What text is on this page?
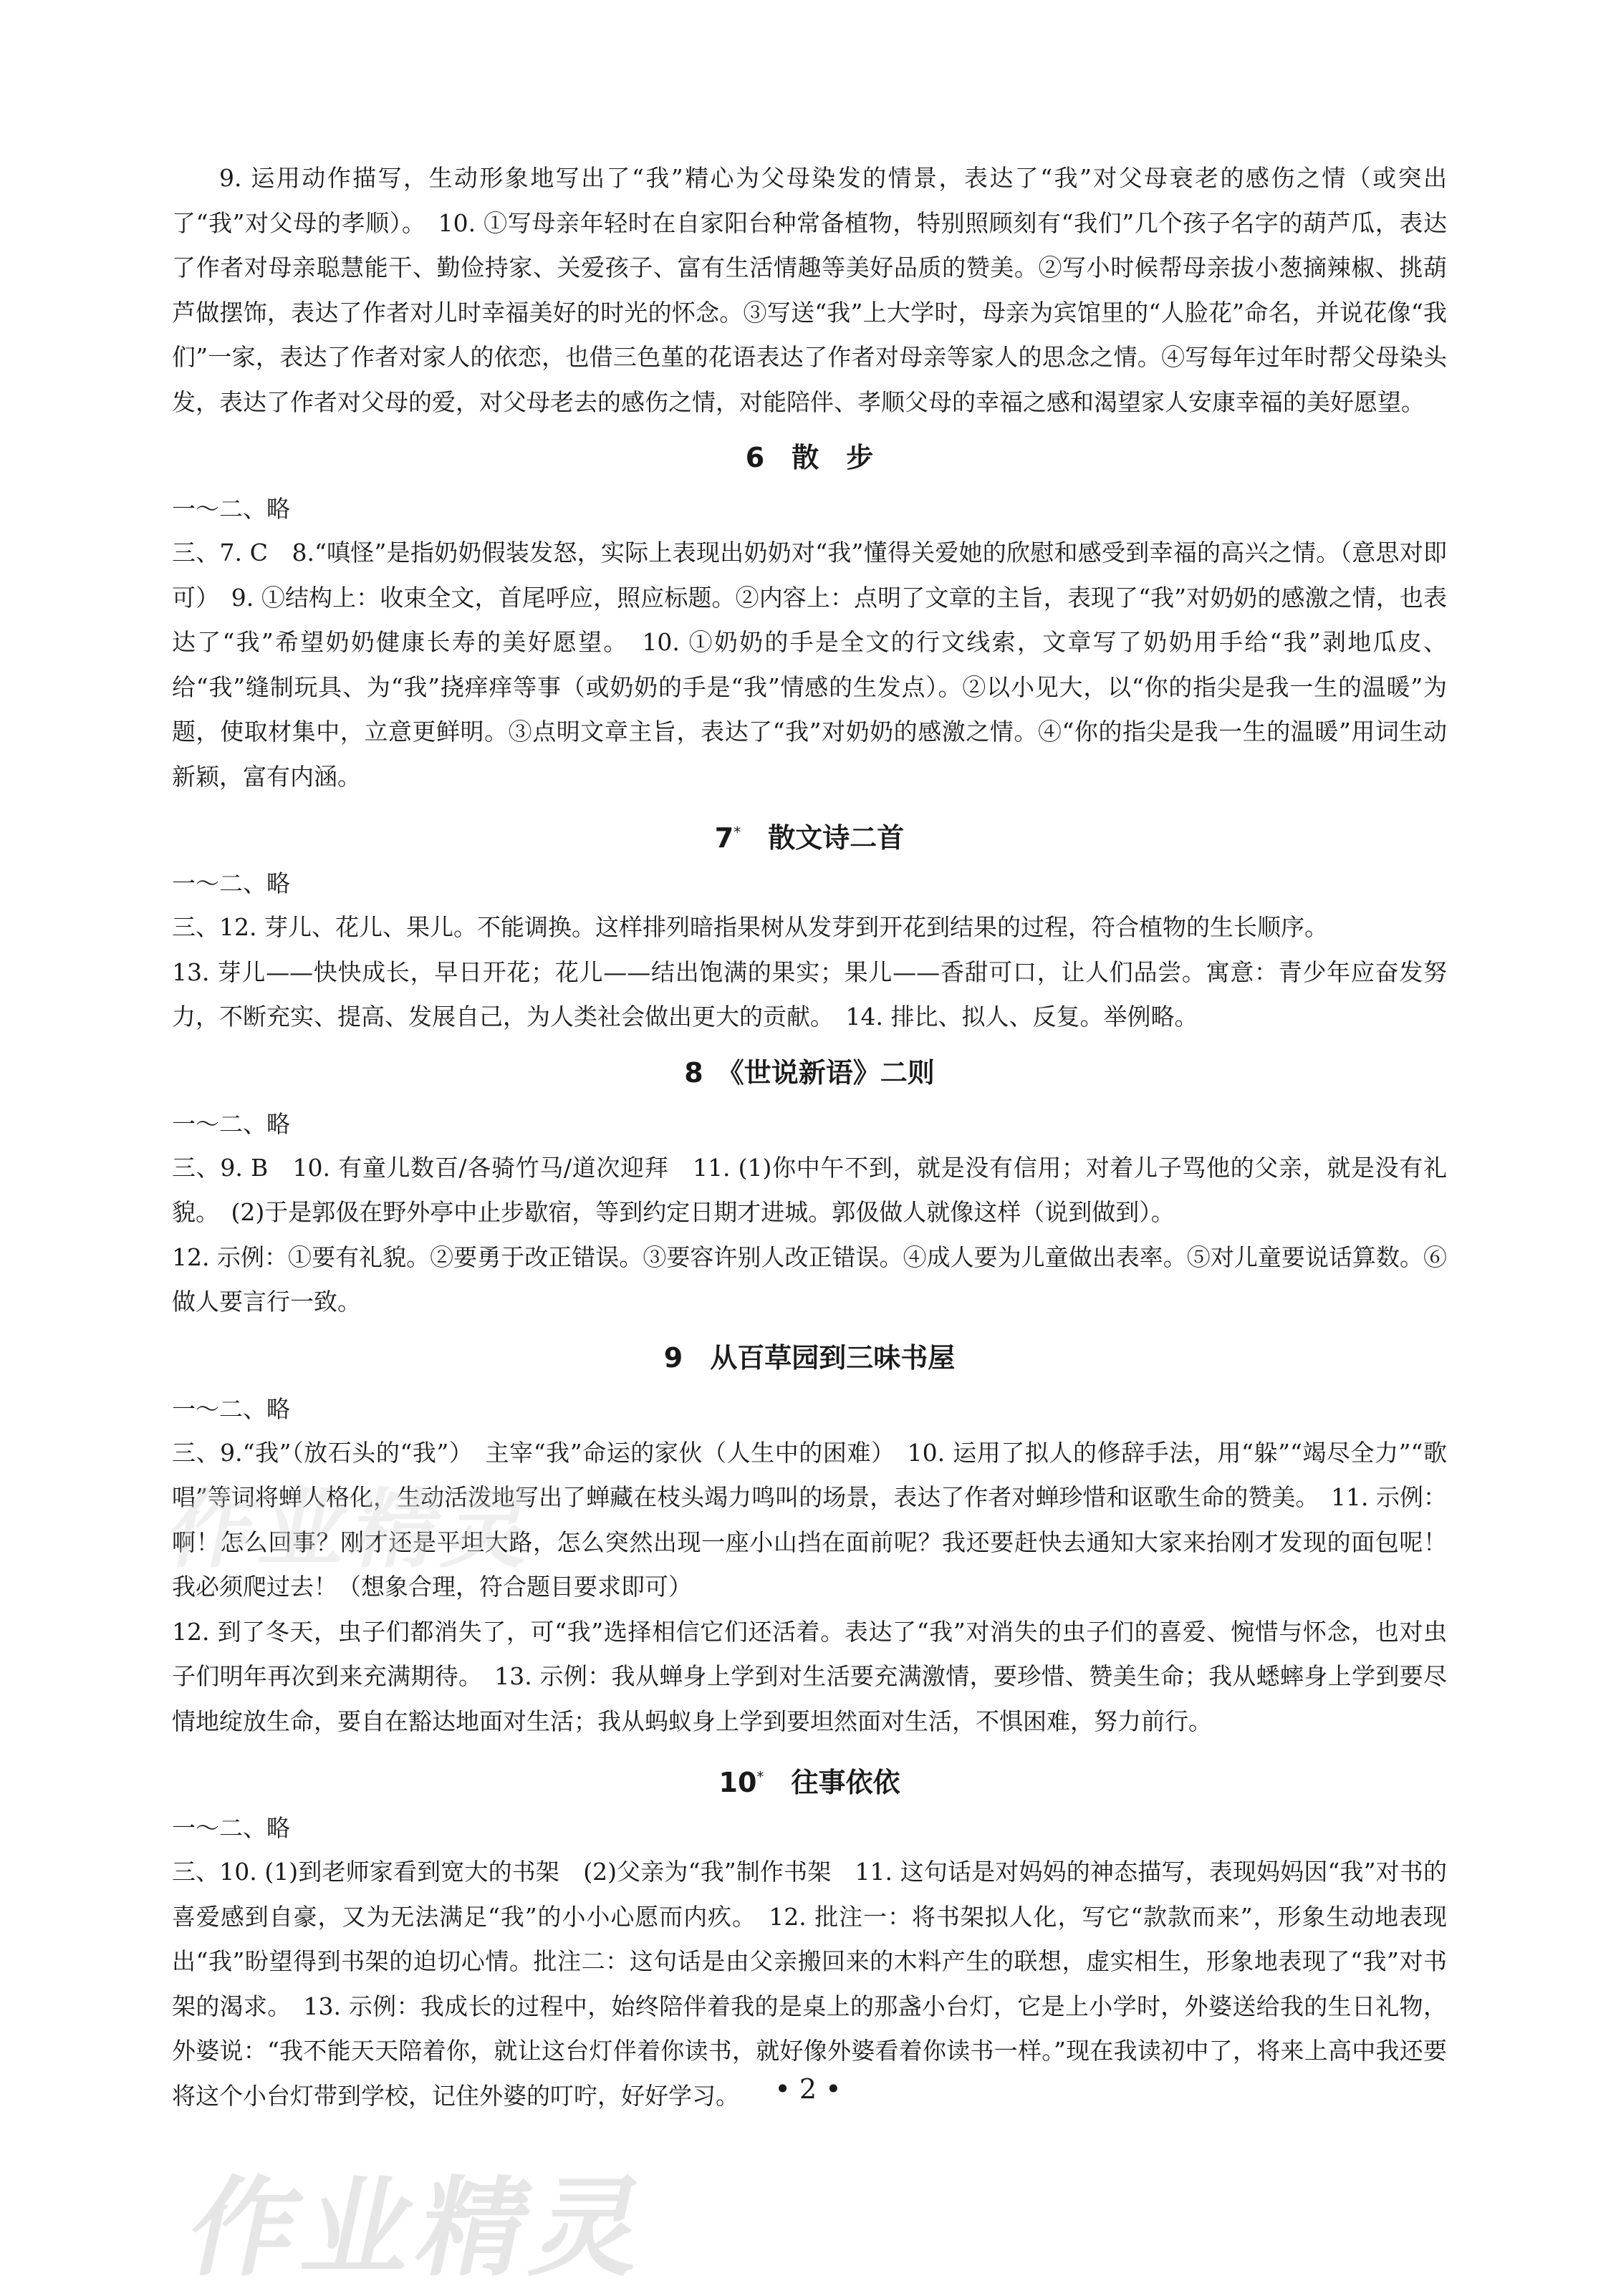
9. 运用动作描写，生动形象地写出了“我”精心为父母染发的情景，表达了“我”对父母衰老的感伤之情（或突出了“我”对父母的孝顺）。　10. ①写母亲年轻时在自家阳台种常备植物，特别照顾刻有“我们”几个孩子名字的葫芦瓜，表达了作者对母亲聪慧能干、勤俭持家、关爱孩子、富有生活情趣等美好品质的赞美。②写小时候帮母亲拔小葱摘辣椒、挑葫芦做摆饰，表达了作者对儿时幸福美好的时光的怀念。③写送“我”上大学时，母亲为宾馆里的“人脸花”命名，并说花像“我们”一家，表达了作者对家人的依恋，也借三色堇的花语表达了作者对母亲等家人的思念之情。④写每年过年时帮父母染头发，表达了作者对父母的爱，对父母老去的感伤之情，对能陪伴、孝顺父母的幸福之感和渴望家人安康幸福的美好愿望。

6　散　步

一～二、略

三、7. C　8.“嗔怪”是指奶奶假装发怒，实际上表现出奶奶对“我”懂得关爱她的欣慰和感受到幸福的高兴之情。（意思对即可）　9. ①结构上：收束全文，首尾呼应，照应标题。②内容上：点明了文章的主旨，表现了“我”对奶奶的感激之情，也表达了“我”希望奶奶健康长寿的美好愿望。　10. ①奶奶的手是全文的行文线索，文章写了奶奶用手给“我”剥地瓜皮、给“我”缝制玩具、为“我”挠痒痒等事（或奶奶的手是“我”情感的生发点）。②以小见大，以“你的指尖是我一生的温暖”为题，使取材集中，立意更鲜明。③点明文章主旨，表达了“我”对奶奶的感激之情。④“你的指尖是我一生的温暖”用词生动新颖，富有内涵。

7*　 散文诗二首

一～二、略

三、12. 芽儿、花儿、果儿。不能调换。这样排列暗指果树从发芽到开花到结果的过程，符合植物的生长顺序。

13. 芽儿——快快成长，早日开花；花儿——结出饱满的果实；果儿——香甜可口，让人们品尝。寓意：青少年应奋发努力，不断充实、提高、发展自己，为人类社会做出更大的贡献。　14. 排比、拟人、反复。举例略。

8　《世说新语》二则

一～二、略

三、9. B　10. 有童儿数百/各骑竹马/道次迎拜　11. (1)你中午不到，就是没有信用；对着儿子骂他的父亲，就是没有礼貌。　(2)于是郭伋在野外亭中止步歇宿，等到约定日期才进城。郭伋做人就像这样（说到做到）。

12. 示例：①要有礼貌。②要勇于改正错误。③要容许别人改正错误。④成人要为儿童做出表率。⑤对儿童要说话算数。⑥做人要言行一致。

9　从百草园到三味书屋

一～二、略

三、9.“我”（放石头的“我”）　主宰“我”命运的家伙（人生中的困难）　10. 运用了拟人的修辞手法，用“躲”“竭尽全力”“歌唱”等词将蝉人格化，生动活泼地写出了蝉藏在枝头竭力鸣叫的场景，表达了作者对蝉珍惜和讴歌生命的赞美。　11. 示例：啊！怎么回事？刚才还是平坦大路，怎么突然出现一座小山挡在面前呢？我还要赶快去通知大家来抬刚才发现的面包呢！我必须爬过去！（想象合理，符合题目要求即可）

12. 到了冬天，虫子们都消失了，可“我”选择相信它们还活着。表达了“我”对消失的虫子们的喜爱、惋惜与怀念，也对虫子们明年再次到来充满期待。　13. 示例：我从蝉身上学到对生活要充满激情，要珍惜、赞美生命；我从蟋蟀身上学到要尽情地绽放生命，要自在豁达地面对生活；我从蚂蚁身上学到要坦然面对生活，不惧困难，努力前行。

10*　 往事依依

一～二、略

三、10. (1)到老师家看到宽大的书架　(2)父亲为“我”制作书架　11. 这句话是对妈妈的神态描写，表现妈妈因“我”对书的喜爱感到自豪，又为无法满足“我”的小小心愿而内疚。　12. 批注一：将书架拟人化，写它“款款而来”，形象生动地表现出“我”盼望得到书架的迫切心情。批注二：这句话是由父亲搬回来的木料产生的联想，虚实相生，形象地表现了“我”对书架的渴求。　13. 示例：我成长的过程中，始终陪伴着我的是桌上的那盏小台灯，它是上小学时，外婆送给我的生日礼物，外婆说：“我不能天天陪着你，就让这台灯伴着你读书，就好像外婆看着你读书一样。”现在我读初中了，将来上高中我还要将这个小台灯带到学校，记住外婆的叮咛，好好学习。	• 2 •
作业精灵
作业精灵
